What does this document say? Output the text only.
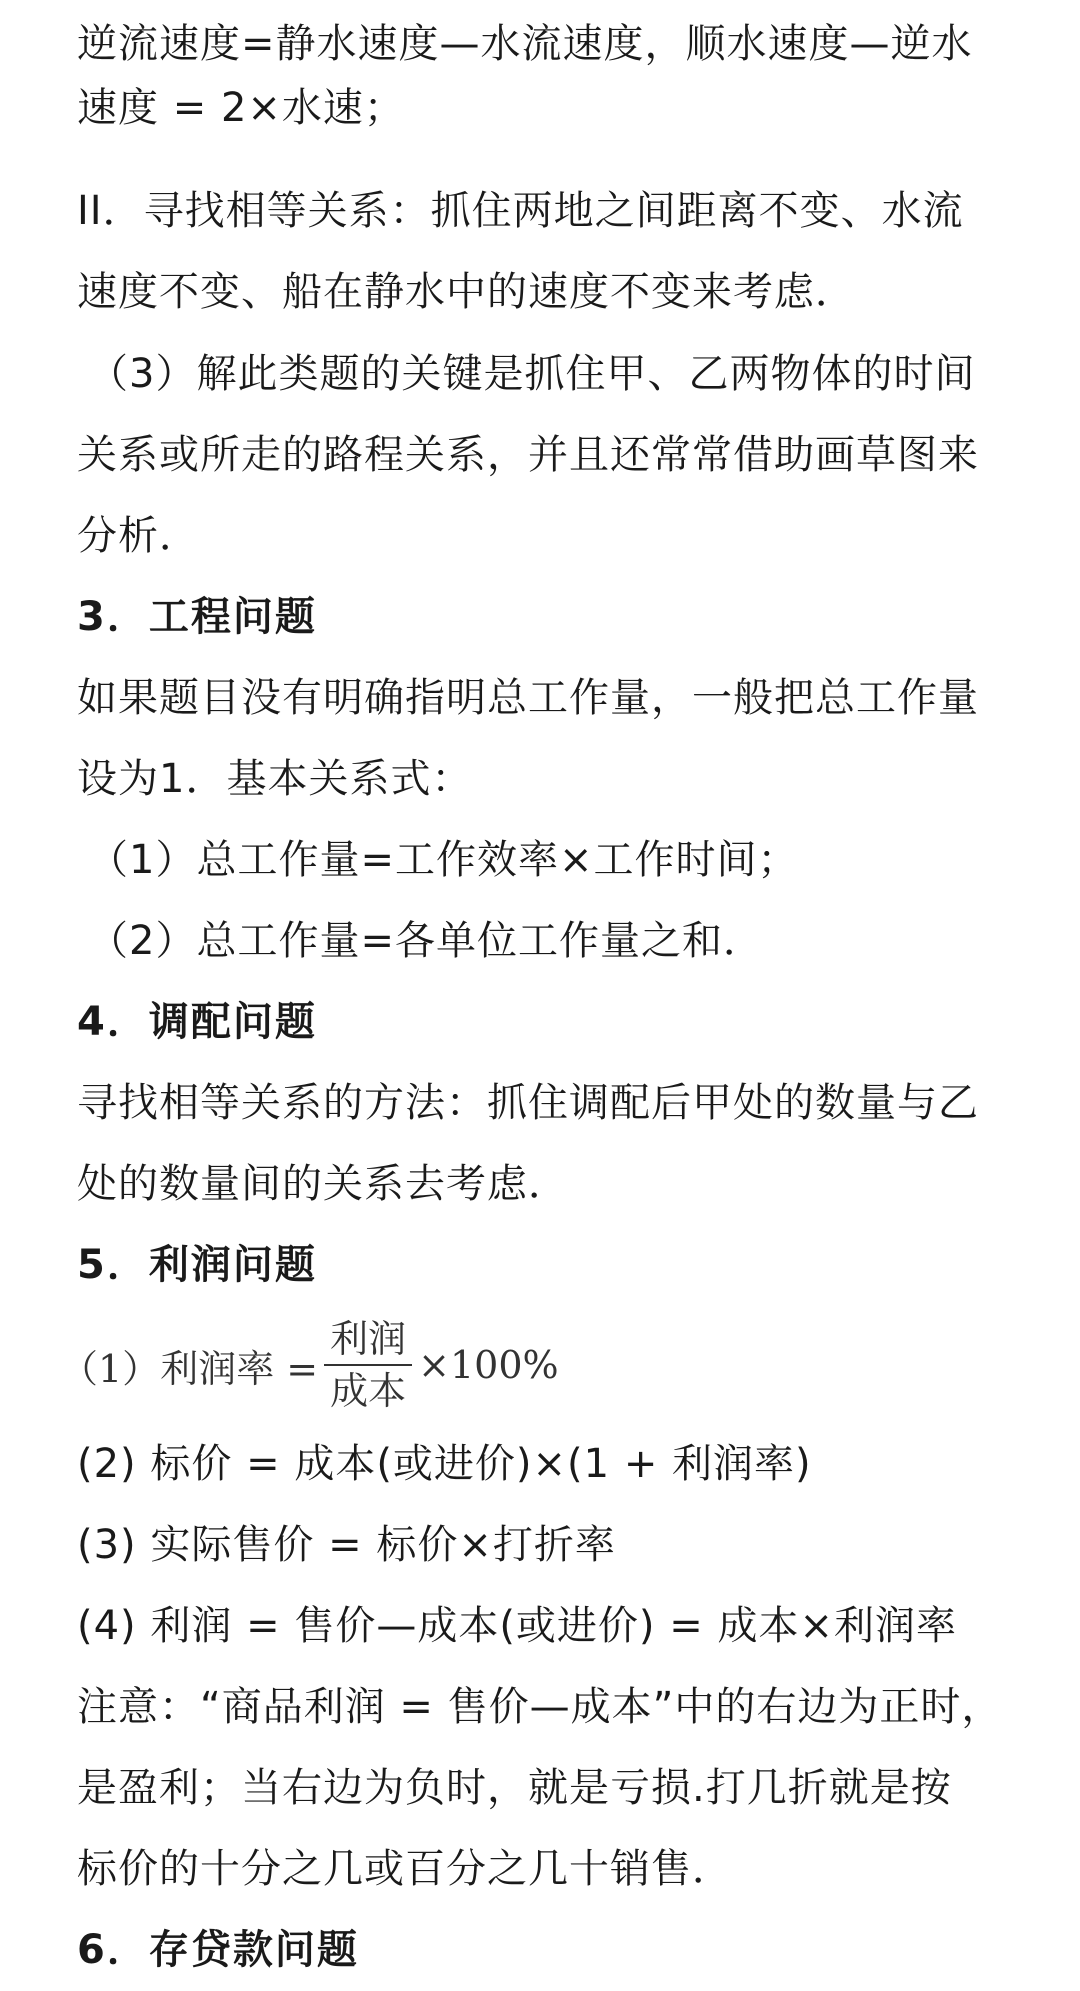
逆流速度=静水速度—水流速度，顺水速度—逆水
速度 = 2×水速；
II．寻找相等关系：抓住两地之间距离不变、水流
速度不变、船在静水中的速度不变来考虑．
（3）解此类题的关键是抓住甲、乙两物体的时间
关系或所走的路程关系，并且还常常借助画草图来
分析．
3．工程问题
如果题目没有明确指明总工作量，一般把总工作量
设为1．基本关系式：
（1）总工作量=工作效率×工作时间；
（2）总工作量=各单位工作量之和．
4．调配问题
寻找相等关系的方法：抓住调配后甲处的数量与乙
处的数量间的关系去考虑．
5．利润问题
（1） 利润率 = $\frac{\text{利润}}{\text{成本}} \times 100\%$
(2) 标价 = 成本(或进价)×(1 + 利润率)
(3) 实际售价 = 标价×打折率
(4) 利润 = 售价—成本(或进价) = 成本×利润率
注意：“商品利润 = 售价—成本”中的右边为正时，
是盈利；当右边为负时，就是亏损.打几折就是按
标价的十分之几或百分之几十销售．
6．存贷款问题
